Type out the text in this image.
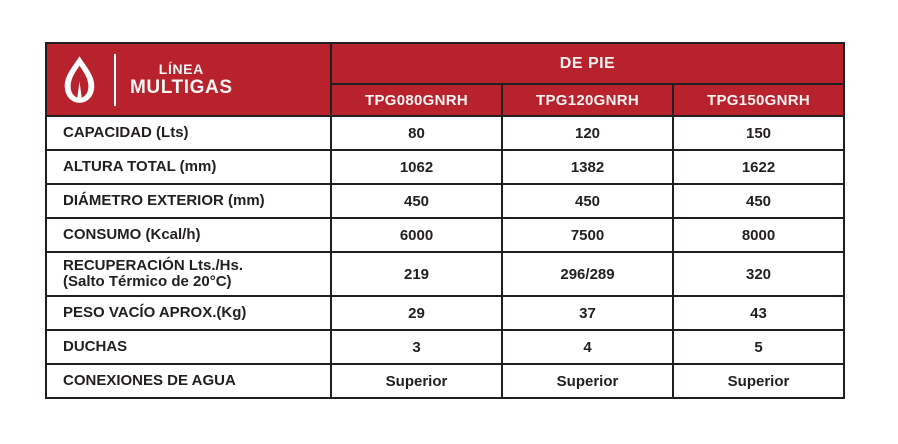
LÍNEA
MULTIGAS	DE PIE		
	TPG080GNRH	TPG120GNRH	TPG150GNRH
CAPACIDAD (Lts)	80	120	150
ALTURA TOTAL (mm)	1062	1382	1622
DIÁMETRO EXTERIOR (mm)	450	450	450
CONSUMO (Kcal/h)	6000	7500	8000
RECUPERACIÓN Lts./Hs.
(Salto Térmico de 20°C)	219	296/289	320
PESO VACÍO APROX.(Kg)	29	37	43
DUCHAS	3	4	5
CONEXIONES DE AGUA	Superior	Superior	Superior
